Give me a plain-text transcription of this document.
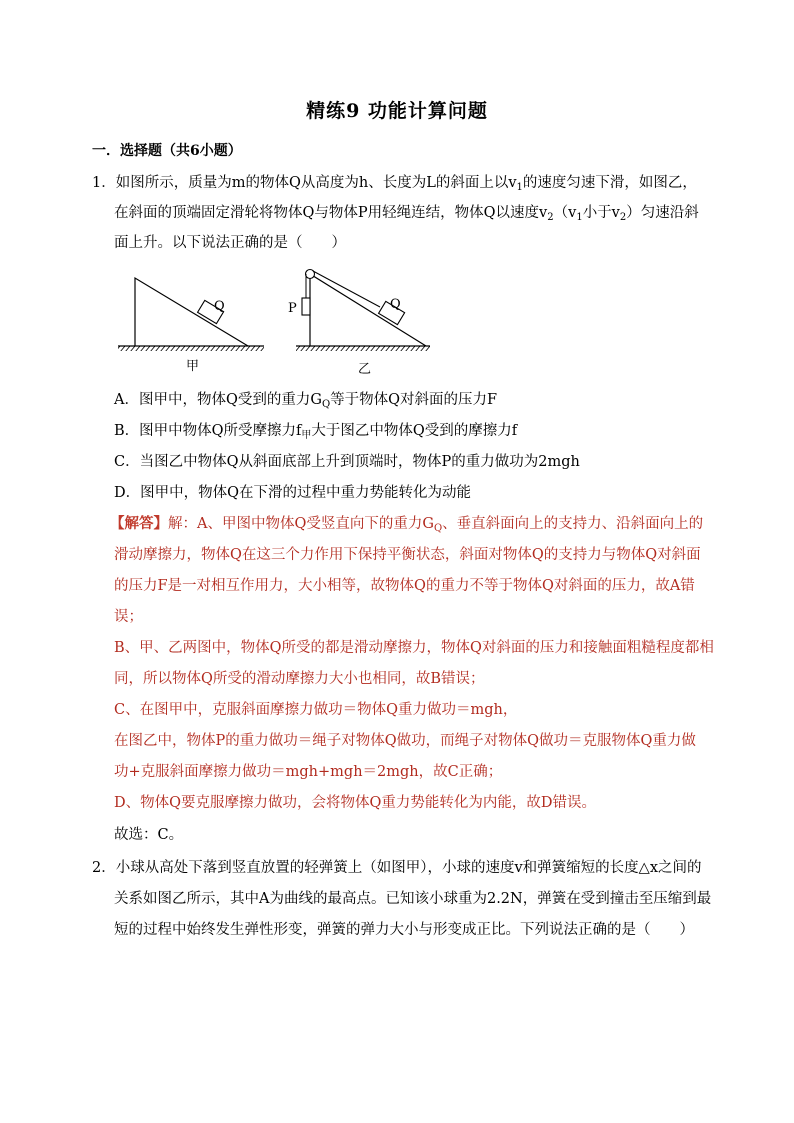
精练9 功能计算问题
一．选择题（共6小题）
1．如图所示，质量为m的物体Q从高度为h、长度为L的斜面上以$v_1$的速度匀速下滑，如图乙，
在斜面的顶端固定滑轮将物体Q与物体P用轻绳连结，物体Q以速度$v_2(v_1$小于$v_2$）匀速沿斜
面上升。以下说法正确的是（　　）
Q
甲
Q
P
乙
A．图甲中，物体Q受到的重力$G_Q$等于物体Q对斜面的压力F
B．图甲中物体Q所受摩擦力$f_甲$大于图乙中物体Q受到的摩擦力f
C．当图乙中物体Q从斜面底部上升到顶端时，物体P的重力做功为2mgh
D．图甲中，物体Q在下滑的过程中重力势能转化为动能
【解答】解：A、甲图中物体Q受竖直向下的重力$G_Q$、垂直斜面向上的支持力、沿斜面向上的
滑动摩擦力，物体Q在这三个力作用下保持平衡状态，斜面对物体Q的支持力与物体Q对斜面
的压力F是一对相互作用力，大小相等，故物体Q的重力不等于物体Q对斜面的压力，故A错
误；
B、甲、乙两图中，物体Q所受的都是滑动摩擦力，物体Q对斜面的压力和接触面粗糙程度都相
同，所以物体Q所受的滑动摩擦力大小也相同，故B错误；
C、在图甲中，克服斜面摩擦力做功＝物体Q重力做功＝mgh，
在图乙中，物体P的重力做功＝绳子对物体Q做功，而绳子对物体Q做功＝克服物体Q重力做
功+克服斜面摩擦力做功＝mgh+mgh＝2mgh，故C正确；
D、物体Q要克服摩擦力做功，会将物体Q重力势能转化为内能，故D错误。
故选：C。
2．小球从高处下落到竖直放置的轻弹簧上（如图甲），小球的速度v和弹簧缩短的长度△x之间的
关系如图乙所示，其中A为曲线的最高点。已知该小球重为2.2N，弹簧在受到撞击至压缩到最
短的过程中始终发生弹性形变，弹簧的弹力大小与形变成正比。下列说法正确的是（　　）
